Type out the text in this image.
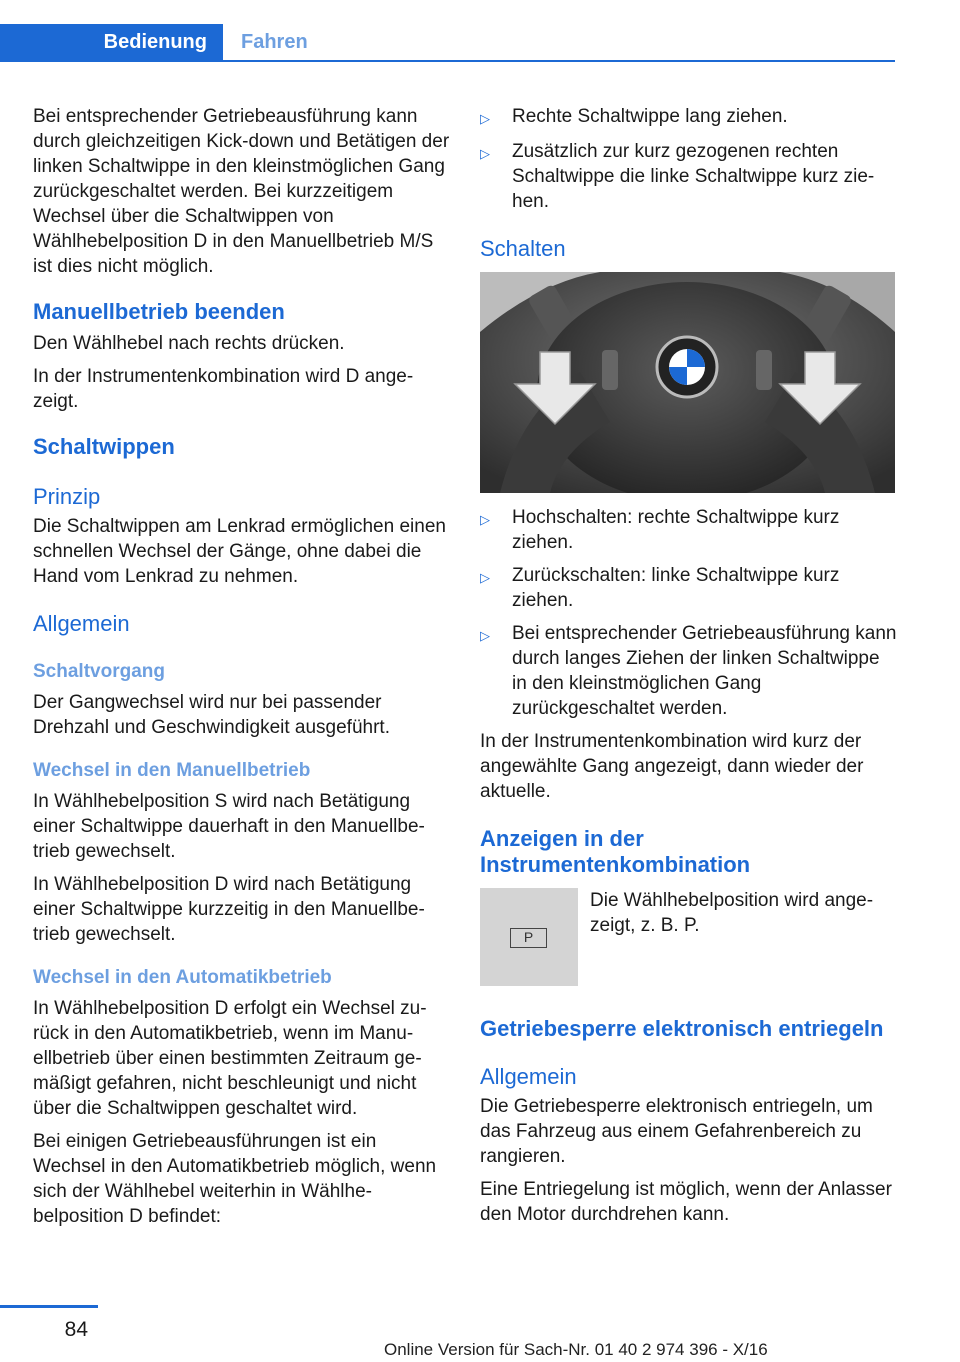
Bedienung	Fahren

Bei entsprechender Getriebeausführung kann durch gleichzeitigen Kick-down und Betätigen der linken Schaltwippe in den kleinstmöglichen Gang zurückgeschaltet werden. Bei kurzzeitigem Wechsel über die Schaltwippen von Wählhebelposition D in den Manuellbetrieb M/S ist dies nicht möglich.

Manuellbetrieb beenden

Den Wählhebel nach rechts drücken.

In der Instrumentenkombination wird D angezeigt.

Schaltwippen
Prinzip

Die Schaltwippen am Lenkrad ermöglichen einen schnellen Wechsel der Gänge, ohne dabei die Hand vom Lenkrad zu nehmen.

Allgemein
Schaltvorgang

Der Gangwechsel wird nur bei passender Drehzahl und Geschwindigkeit ausgeführt.

Wechsel in den Manuellbetrieb

In Wählhebelposition S wird nach Betätigung einer Schaltwippe dauerhaft in den Manuellbetrieb gewechselt.

In Wählhebelposition D wird nach Betätigung einer Schaltwippe kurzzeitig in den Manuellbetrieb gewechselt.

Wechsel in den Automatikbetrieb

In Wählhebelposition D erfolgt ein Wechsel zurück in den Automatikbetrieb, wenn im Manuellbetrieb über einen bestimmten Zeitraum gemäßigt gefahren, nicht beschleunigt und nicht über die Schaltwippen geschaltet wird.

Bei einigen Getriebeausführungen ist ein Wechsel in den Automatikbetrieb möglich, wenn sich der Wählhebel weiterhin in Wählhebelposition D befindet:

▷	Rechte Schaltwippe lang ziehen.
▷	Zusätzlich zur kurz gezogenen rechten Schaltwippe die linke Schaltwippe kurz ziehen.
Schalten
▷	Hochschalten: rechte Schaltwippe kurz ziehen.
▷	Zurückschalten: linke Schaltwippe kurz ziehen.
▷	Bei entsprechender Getriebeausführung kann durch langes Ziehen der linken Schaltwippe in den kleinstmöglichen Gang zurückgeschaltet werden.

In der Instrumentenkombination wird kurz der angewählte Gang angezeigt, dann wieder der aktuelle.

Anzeigen in der Instrumentenkombination
P

Die Wählhebelposition wird angezeigt, z. B. P.

Getriebesperre elektronisch entriegeln
Allgemein

Die Getriebesperre elektronisch entriegeln, um das Fahrzeug aus einem Gefahrenbereich zu rangieren.

Eine Entriegelung ist möglich, wenn der Anlasser den Motor durchdrehen kann.

84
Online Version für Sach-Nr. 01 40 2 974 396 - X/16
